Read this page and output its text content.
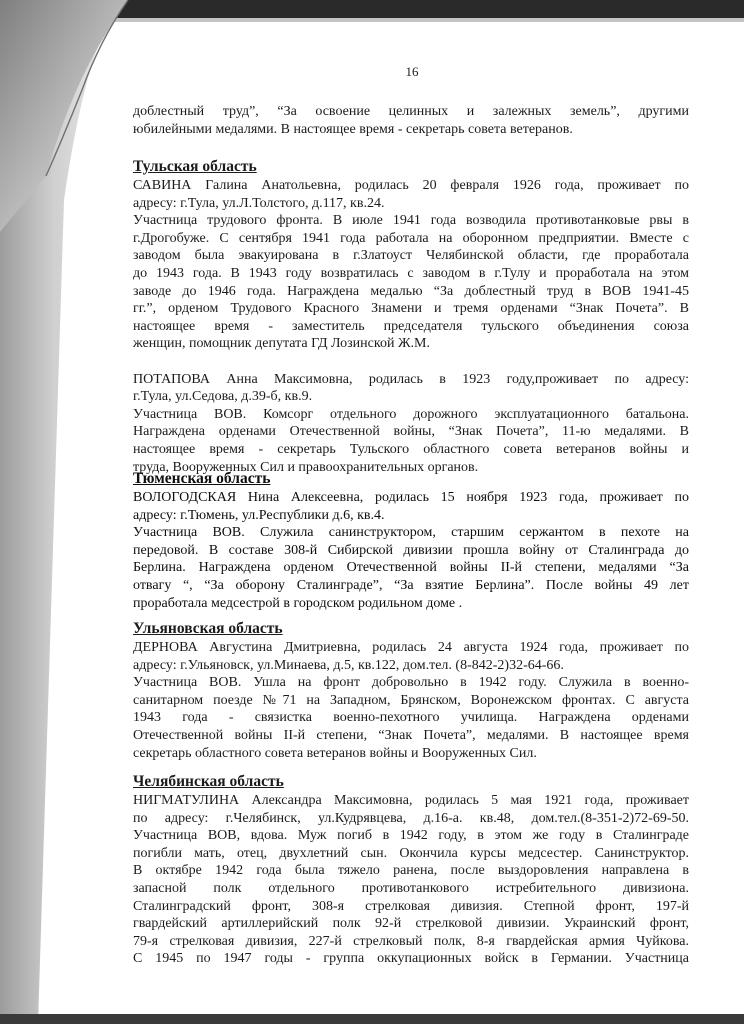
16
доблестный труд”, “За освоение целинных и залежных земель”, другими
юбилейными медалями. В настоящее время - секретарь совета ветеранов.
Тульская область
САВИНА Галина Анатольевна, родилась 20 февраля 1926 года, проживает по
адресу: г.Тула, ул.Л.Толстого, д.117, кв.24.
Участница трудового фронта. В июле 1941 года возводила противотанковые рвы в
г.Дрогобуже. С сентября 1941 года работала на оборонном предприятии. Вместе с
заводом была эвакуирована в г.Златоуст Челябинской области, где проработала
до 1943 года. В 1943 году возвратилась с заводом в г.Тулу и проработала на этом
заводе до 1946 года. Награждена медалью “За доблестный труд в ВОВ 1941-45
гг.”, орденом Трудового Красного Знамени и тремя орденами “Знак Почета”. В
настоящее время - заместитель председателя тульского объединения союза
женщин, помощник депутата ГД Лозинской Ж.М.
ПОТАПОВА Анна Максимовна, родилась в 1923 году,проживает по адресу:
г.Тула, ул.Седова, д.39-б, кв.9.
Участница ВОВ. Комсорг отдельного дорожного эксплуатационного батальона.
Награждена орденами Отечественной войны, “Знак Почета”, 11-ю медалями. В
настоящее время - секретарь Тульского областного совета ветеранов войны и
труда, Вооруженных Сил и правоохранительных органов.
Тюменская область
ВОЛОГОДСКАЯ Нина Алексеевна, родилась 15 ноября 1923 года, проживает по
адресу: г.Тюмень, ул.Республики д.6, кв.4.
Участница ВОВ. Служила санинструктором, старшим сержантом в пехоте на
передовой. В составе 308-й Сибирской дивизии прошла войну от Сталинграда до
Берлина. Награждена орденом Отечественной войны II-й степени, медалями “За
отвагу “, “За оборону Сталинграде”, “За взятие Берлина”. После войны 49 лет
проработала медсестрой в городском родильном доме .
Ульяновская область
ДЕРНОВА Августина Дмитриевна, родилась 24 августа 1924 года, проживает по
адресу: г.Ульяновск, ул.Минаева, д.5, кв.122, дом.тел. (8-842-2)32-64-66.
Участница ВОВ. Ушла на фронт добровольно в 1942 году. Служила в военно-
санитарном поезде №71 на Западном, Брянском, Воронежском фронтах. С августа
1943 года - связистка военно-пехотного училища. Награждена орденами
Отечественной войны II-й степени, “Знак Почета”, медалями. В настоящее время
секретарь областного совета ветеранов войны и Вооруженных Сил.
Челябинская область
НИГМАТУЛИНА Александра Максимовна, родилась 5 мая 1921 года, проживает
по адресу: г.Челябинск, ул.Кудрявцева, д.16-а. кв.48, дом.тел.(8-351-2)72-69-50.
Участница ВОВ, вдова. Муж погиб в 1942 году, в этом же году в Сталинграде
погибли мать, отец, двухлетний сын. Окончила курсы медсестер. Санинструктор.
В октябре 1942 года была тяжело ранена, после выздоровления направлена в
запасной полк отдельного противотанкового истребительного дивизиона.
Сталинградский фронт, 308-я стрелковая дивизия. Степной фронт, 197-й
гвардейский артиллерийский полк 92-й стрелковой дивизии. Украинский фронт,
79-я стрелковая дивизия, 227-й стрелковый полк, 8-я гвардейская армия Чуйкова.
С 1945 по 1947 годы - группа оккупационных войск в Германии. Участница
